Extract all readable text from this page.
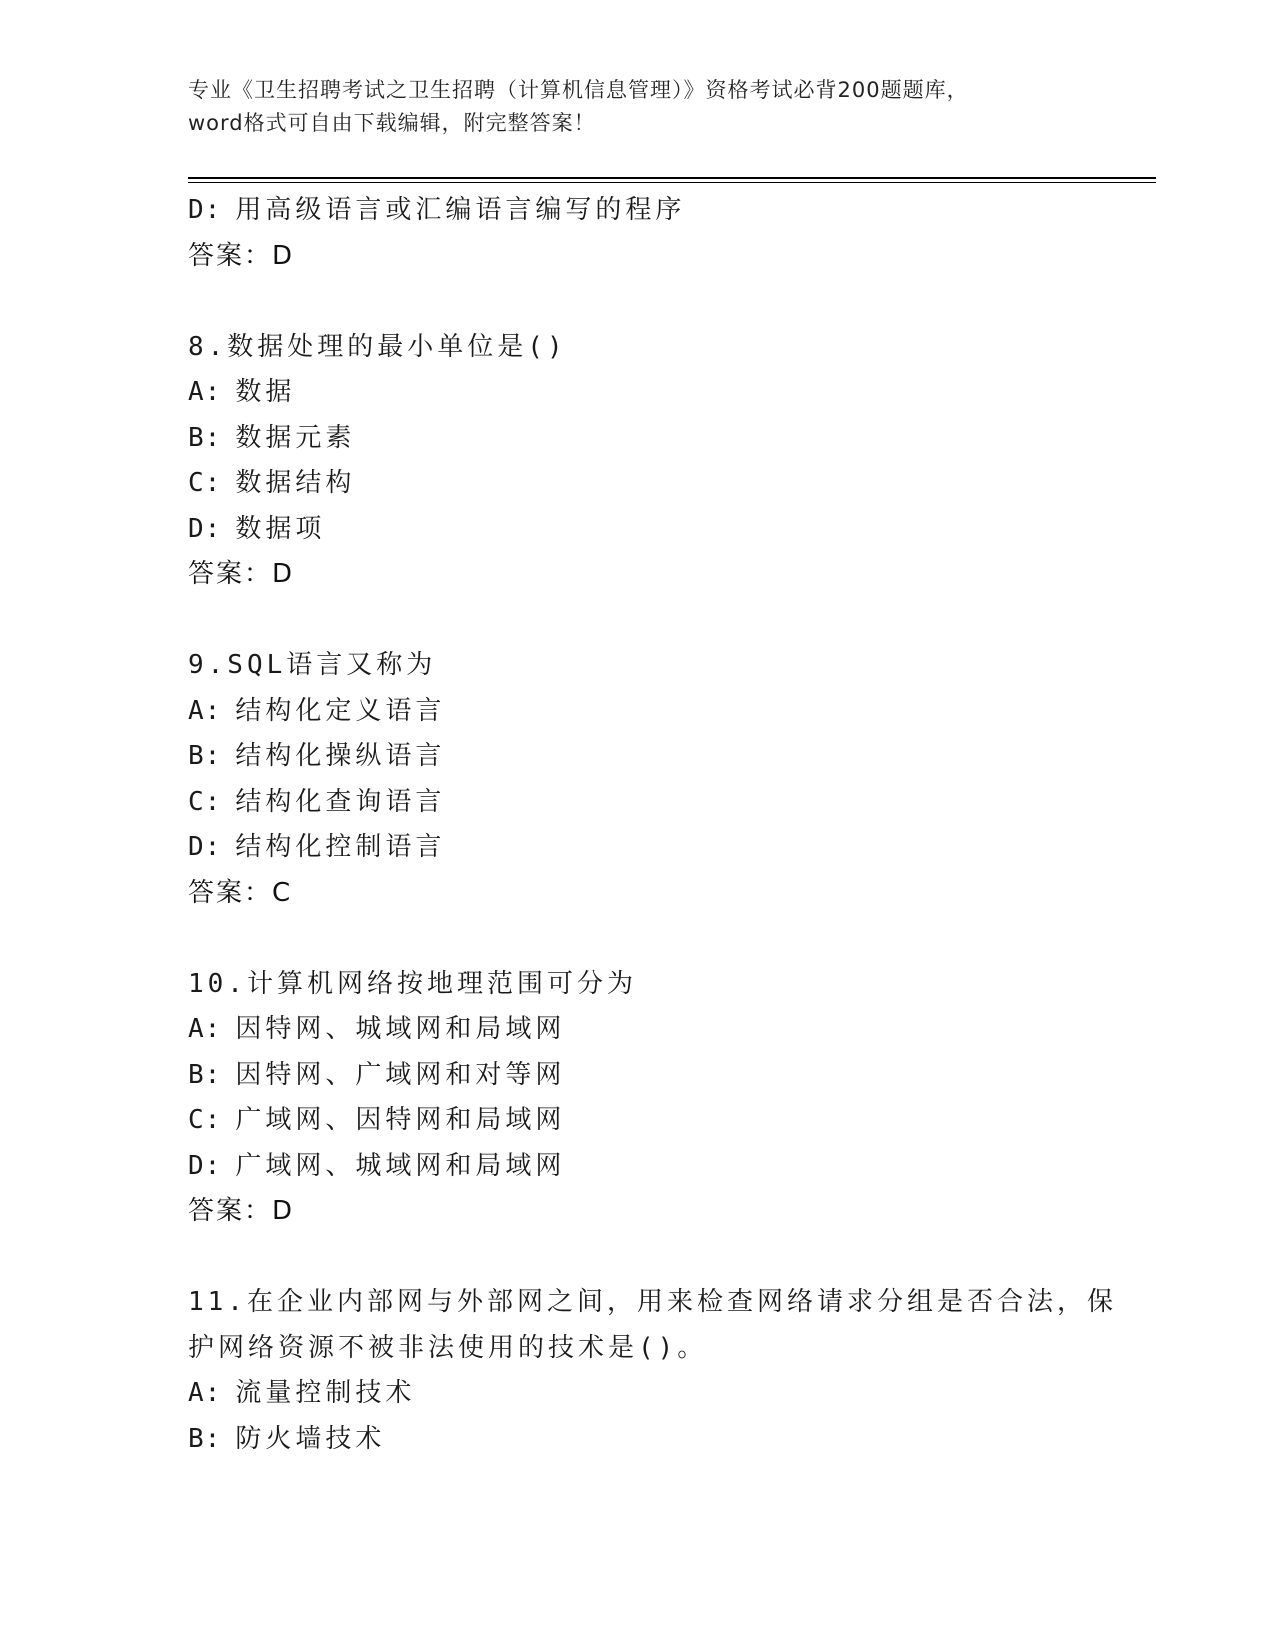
专业《卫生招聘考试之卫生招聘（计算机信息管理）》资格考试必背200题题库，
word格式可自由下载编辑，附完整答案！
D: 用高级语言或汇编语言编写的程序
答案：D
8.数据处理的最小单位是()
A: 数据
B: 数据元素
C: 数据结构
D: 数据项
答案：D
9.SQL语言又称为
A: 结构化定义语言
B: 结构化操纵语言
C: 结构化查询语言
D: 结构化控制语言
答案：C
10.计算机网络按地理范围可分为
A: 因特网、城域网和局域网
B: 因特网、广域网和对等网
C: 广域网、因特网和局域网
D: 广域网、城域网和局域网
答案：D
11.在企业内部网与外部网之间，用来检查网络请求分组是否合法，保
护网络资源不被非法使用的技术是()。
A: 流量控制技术
B: 防火墙技术
